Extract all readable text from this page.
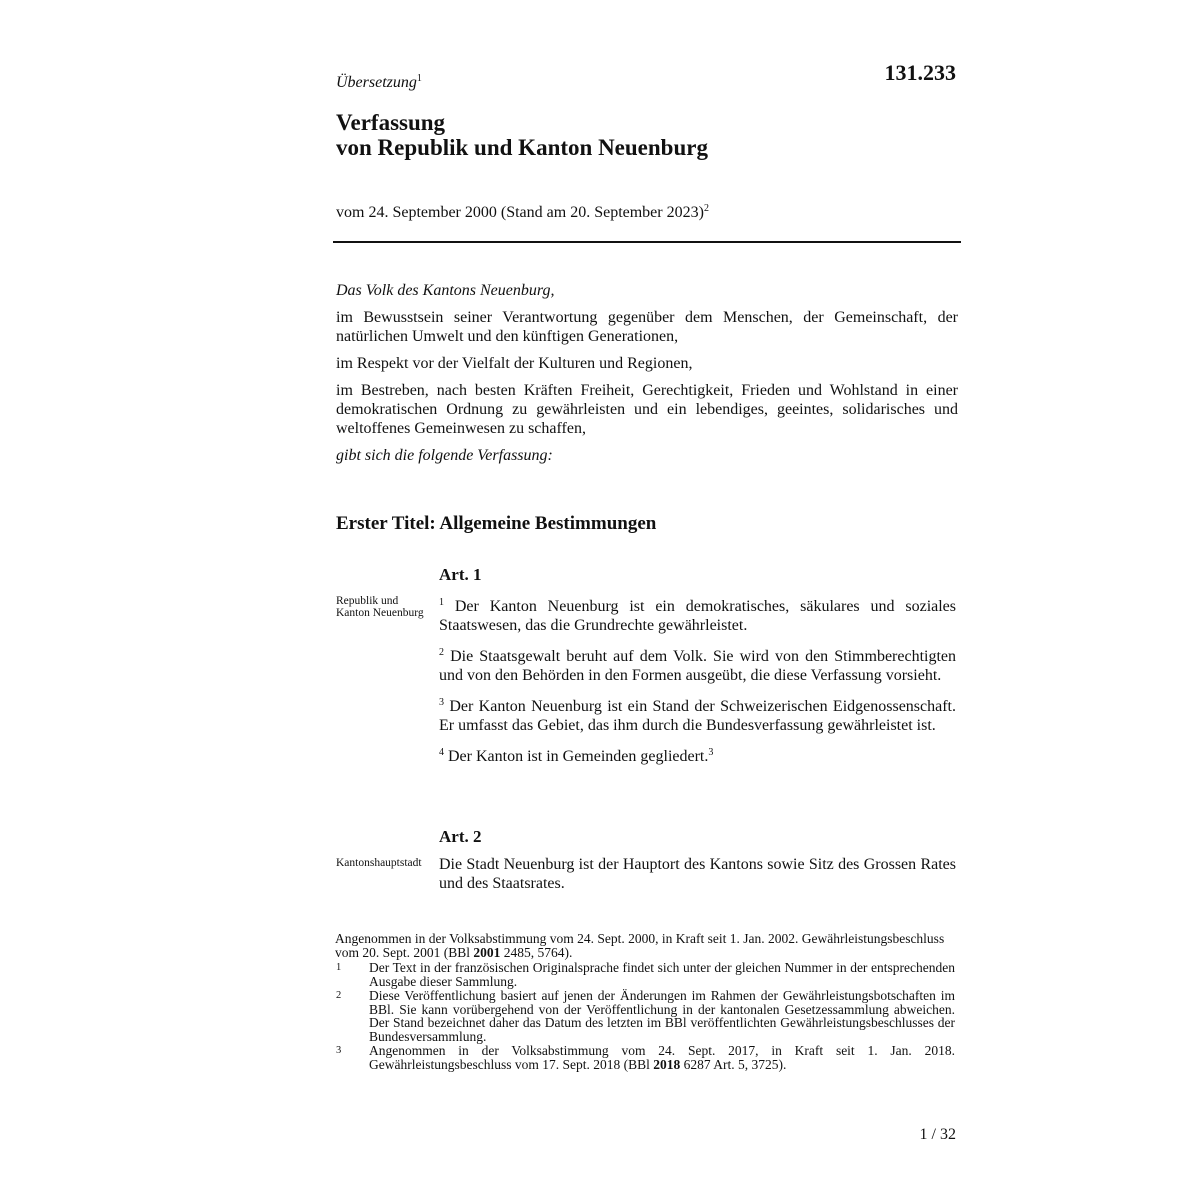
Übersetzung$^1$	131.233
Verfassung
von Republik und Kanton Neuenburg
vom 24. September 2000 (Stand am 20. September 2023)$^2$

Das Volk des Kantons Neuenburg,

im Bewusstsein seiner Verantwortung gegenüber dem Menschen, der Gemeinschaft, der natürlichen Umwelt und den künftigen Generationen,

im Respekt vor der Vielfalt der Kulturen und Regionen,

im Bestreben, nach besten Kräften Freiheit, Gerechtigkeit, Frieden und Wohlstand in einer demokratischen Ordnung zu gewährleisten und ein lebendiges, geeintes, solidarisches und weltoffenes Gemeinwesen zu schaffen,

gibt sich die folgende Verfassung:

Erster Titel: Allgemeine Bestimmungen
Art. 1
Republik und Kanton Neuenburg

$^1$ Der Kanton Neuenburg ist ein demokratisches, säkulares und soziales Staatswesen, das die Grundrechte gewährleistet.

$^2$ Die Staatsgewalt beruht auf dem Volk. Sie wird von den Stimmberechtigten und von den Behörden in den Formen ausgeübt, die diese Verfassung vorsieht.

$^3$ Der Kanton Neuenburg ist ein Stand der Schweizerischen Eidgenossenschaft. Er umfasst das Gebiet, das ihm durch die Bundesverfassung gewährleistet ist.

$^4$ Der Kanton ist in Gemeinden gegliedert.$^3$

Art. 2
Kantonshauptstadt Die Stadt Neuenburg ist der Hauptort des Kantons sowie Sitz des Grossen Rates und des Staatsrates.

Angenommen in der Volksabstimmung vom 24. Sept. 2000, in Kraft seit 1. Jan. 2002. Gewährleistungsbeschluss vom 20. Sept. 2001 (BBl 2001 2485, 5764).

1	Der Text in der französischen Originalsprache findet sich unter der gleichen Nummer in der entsprechenden Ausgabe dieser Sammlung.
2	Diese Veröffentlichung basiert auf jenen der Änderungen im Rahmen der Gewährleistungsbotschaften im BBl. Sie kann vorübergehend von der Veröffentlichung in der kantonalen Gesetzessammlung abweichen. Der Stand bezeichnet daher das Datum des letzten im BBl veröffentlichten Gewährleistungsbeschlusses der Bundesversammlung.
3	Angenommen in der Volksabstimmung vom 24. Sept. 2017, in Kraft seit 1. Jan. 2018. Gewährleistungsbeschluss vom 17. Sept. 2018 (BBl 2018 6287 Art. 5, 3725).
1 / 32
